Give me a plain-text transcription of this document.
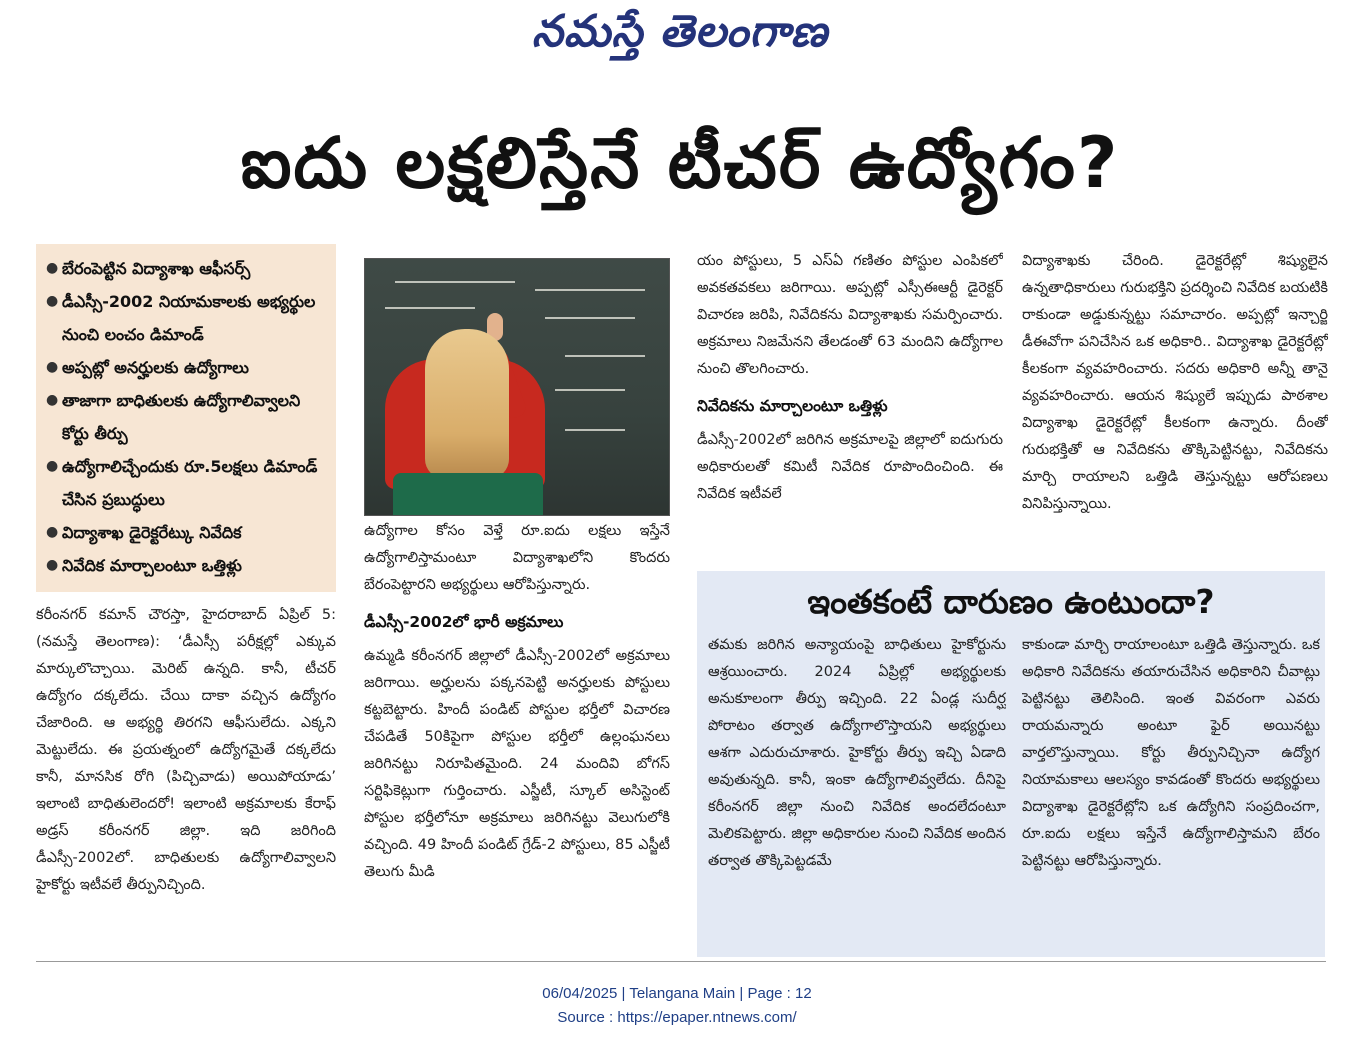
నమస్తే తెలంగాణ
ఐదు లక్షలిస్తేనే టీచర్ ఉద్యోగం?
● బేరంపెట్టిన విద్యాశాఖ ఆఫీసర్స్
● డీఎస్సీ-2002 నియామకాలకు అభ్యర్థుల నుంచి లంచం డిమాండ్
● అప్పట్లో అనర్హులకు ఉద్యోగాలు
● తాజాగా బాధితులకు ఉద్యోగాలివ్వాలని కోర్టు తీర్పు
● ఉద్యోగాలిచ్చేందుకు రూ.5లక్షలు డిమాండ్ చేసిన ప్రబుద్ధులు
● విద్యాశాఖ డైరెక్టరేట్కు నివేదిక
● నివేదిక మార్చాలంటూ ఒత్తిళ్లు

కరీంనగర్ కమాన్ చౌరస్తా, హైదరాబాద్ ఏప్రిల్ 5: (నమస్తే తెలంగాణ): ‘డీఎస్సీ పరీక్షల్లో ఎక్కువ మార్కులొచ్చాయి. మెరిట్ ఉన్నది. కానీ, టీచర్ ఉద్యోగం దక్కలేదు. చేయి దాకా వచ్చిన ఉద్యోగం చేజారింది. ఆ అభ్యర్థి తిరగని ఆఫీసులేదు. ఎక్కని మెట్టులేదు. ఈ ప్రయత్నంలో ఉద్యోగమైతే దక్కలేదు కానీ, మానసిక రోగి (పిచ్చివాడు) అయిపోయాడు’ ఇలాంటి బాధితులెందరో! ఇలాంటి అక్రమాలకు కేరాఫ్ అడ్రస్ కరీంనగర్ జిల్లా. ఇది జరిగింది డీఎస్సీ-2002లో. బాధితులకు ఉద్యోగాలివ్వాలని హైకోర్టు ఇటీవలే తీర్పునిచ్చింది.

ఉద్యోగాల కోసం వెళ్తే రూ.ఐదు లక్షలు ఇస్తేనే ఉద్యోగాలిస్తామంటూ విద్యాశాఖలోని కొందరు బేరంపెట్టారని అభ్యర్థులు ఆరోపిస్తున్నారు.

డీఎస్సీ-2002లో భారీ అక్రమాలు

ఉమ్మడి కరీంనగర్ జిల్లాలో డీఎస్సీ-2002లో అక్రమాలు జరిగాయి. అర్హులను పక్కనపెట్టి అనర్హులకు పోస్టులు కట్టబెట్టారు. హిందీ పండిట్ పోస్టుల భర్తీలో విచారణ చేపడితే 50కిపైగా పోస్టుల భర్తీలో ఉల్లంఘనలు జరిగినట్టు నిరూపితమైంది. 24 మందివి బోగస్ సర్టిఫికెట్లుగా గుర్తించారు. ఎస్జీటీ, స్కూల్ అసిస్టెంట్ పోస్టుల భర్తీలోనూ అక్రమాలు జరిగినట్టు వెలుగులోకి వచ్చింది. 49 హిందీ పండిట్ గ్రేడ్-2 పోస్టులు, 85 ఎస్జీటీ తెలుగు మీడి

యం పోస్టులు, 5 ఎస్ఏ గణితం పోస్టుల ఎంపికలో అవకతవకలు జరిగాయి. అప్పట్లో ఎస్సీఈఆర్టీ డైరెక్టర్ విచారణ జరిపి, నివేదికను విద్యాశాఖకు సమర్పించారు. అక్రమాలు నిజమేనని తేలడంతో 63 మందిని ఉద్యోగాల నుంచి తొలగించారు.

నివేదికను మార్చాలంటూ ఒత్తిళ్లు

డీఎస్సీ-2002లో జరిగిన అక్రమాలపై జిల్లాలో ఐదుగురు అధికారులతో కమిటీ నివేదిక రూపొందించింది. ఈ నివేదిక ఇటీవలే

విద్యాశాఖకు చేరింది. డైరెక్టరేట్లో శిష్యులైన ఉన్నతాధికారులు గురుభక్తిని ప్రదర్శించి నివేదిక బయటికి రాకుండా అడ్డుకున్నట్టు సమాచారం. అప్పట్లో ఇన్చార్జి డీఈవోగా పనిచేసిన ఒక అధికారి.. విద్యాశాఖ డైరెక్టరేట్లో కీలకంగా వ్యవహరించారు. సదరు అధికారి అన్నీ తానై వ్యవహరించారు. ఆయన శిష్యులే ఇప్పుడు పాఠశాల విద్యాశాఖ డైరెక్టరేట్లో కీలకంగా ఉన్నారు. దీంతో గురుభక్తితో ఆ నివేదికను తొక్కిపెట్టినట్టు, నివేదికను మార్చి రాయాలని ఒత్తిడి తెస్తున్నట్టు ఆరోపణలు వినిపిస్తున్నాయి.

ఇంతకంటే దారుణం ఉంటుందా?

తమకు జరిగిన అన్యాయంపై బాధితులు హైకోర్టును ఆశ్రయించారు. 2024 ఏప్రిల్లో అభ్యర్థులకు అనుకూలంగా తీర్పు ఇచ్చింది. 22 ఏండ్ల సుదీర్ఘ పోరాటం తర్వాత ఉద్యోగాలొస్తాయని అభ్యర్థులు ఆశగా ఎదురుచూశారు. హైకోర్టు తీర్పు ఇచ్చి ఏడాది అవుతున్నది. కానీ, ఇంకా ఉద్యోగాలివ్వలేదు. దీనిపై కరీంనగర్ జిల్లా నుంచి నివేదిక అందలేదంటూ మెలికపెట్టారు. జిల్లా అధికారుల నుంచి నివేదిక అందిన తర్వాత తొక్కిపెట్టడమే

కాకుండా మార్చి రాయాలంటూ ఒత్తిడి తెస్తున్నారు. ఒక అధికారి నివేదికను తయారుచేసిన అధికారిని చీవాట్లు పెట్టినట్టు తెలిసింది. ఇంత వివరంగా ఎవరు రాయమన్నారు అంటూ ఫైర్ అయినట్టు వార్తలొస్తున్నాయి. కోర్టు తీర్పునిచ్చినా ఉద్యోగ నియామకాలు ఆలస్యం కావడంతో కొందరు అభ్యర్థులు విద్యాశాఖ డైరెక్టరేట్లోని ఒక ఉద్యోగిని సంప్రదించగా, రూ.ఐదు లక్షలు ఇస్తేనే ఉద్యోగాలిస్తామని బేరం పెట్టినట్టు ఆరోపిస్తున్నారు.

06/04/2025 | Telangana Main | Page : 12
Source : https://epaper.ntnews.com/
